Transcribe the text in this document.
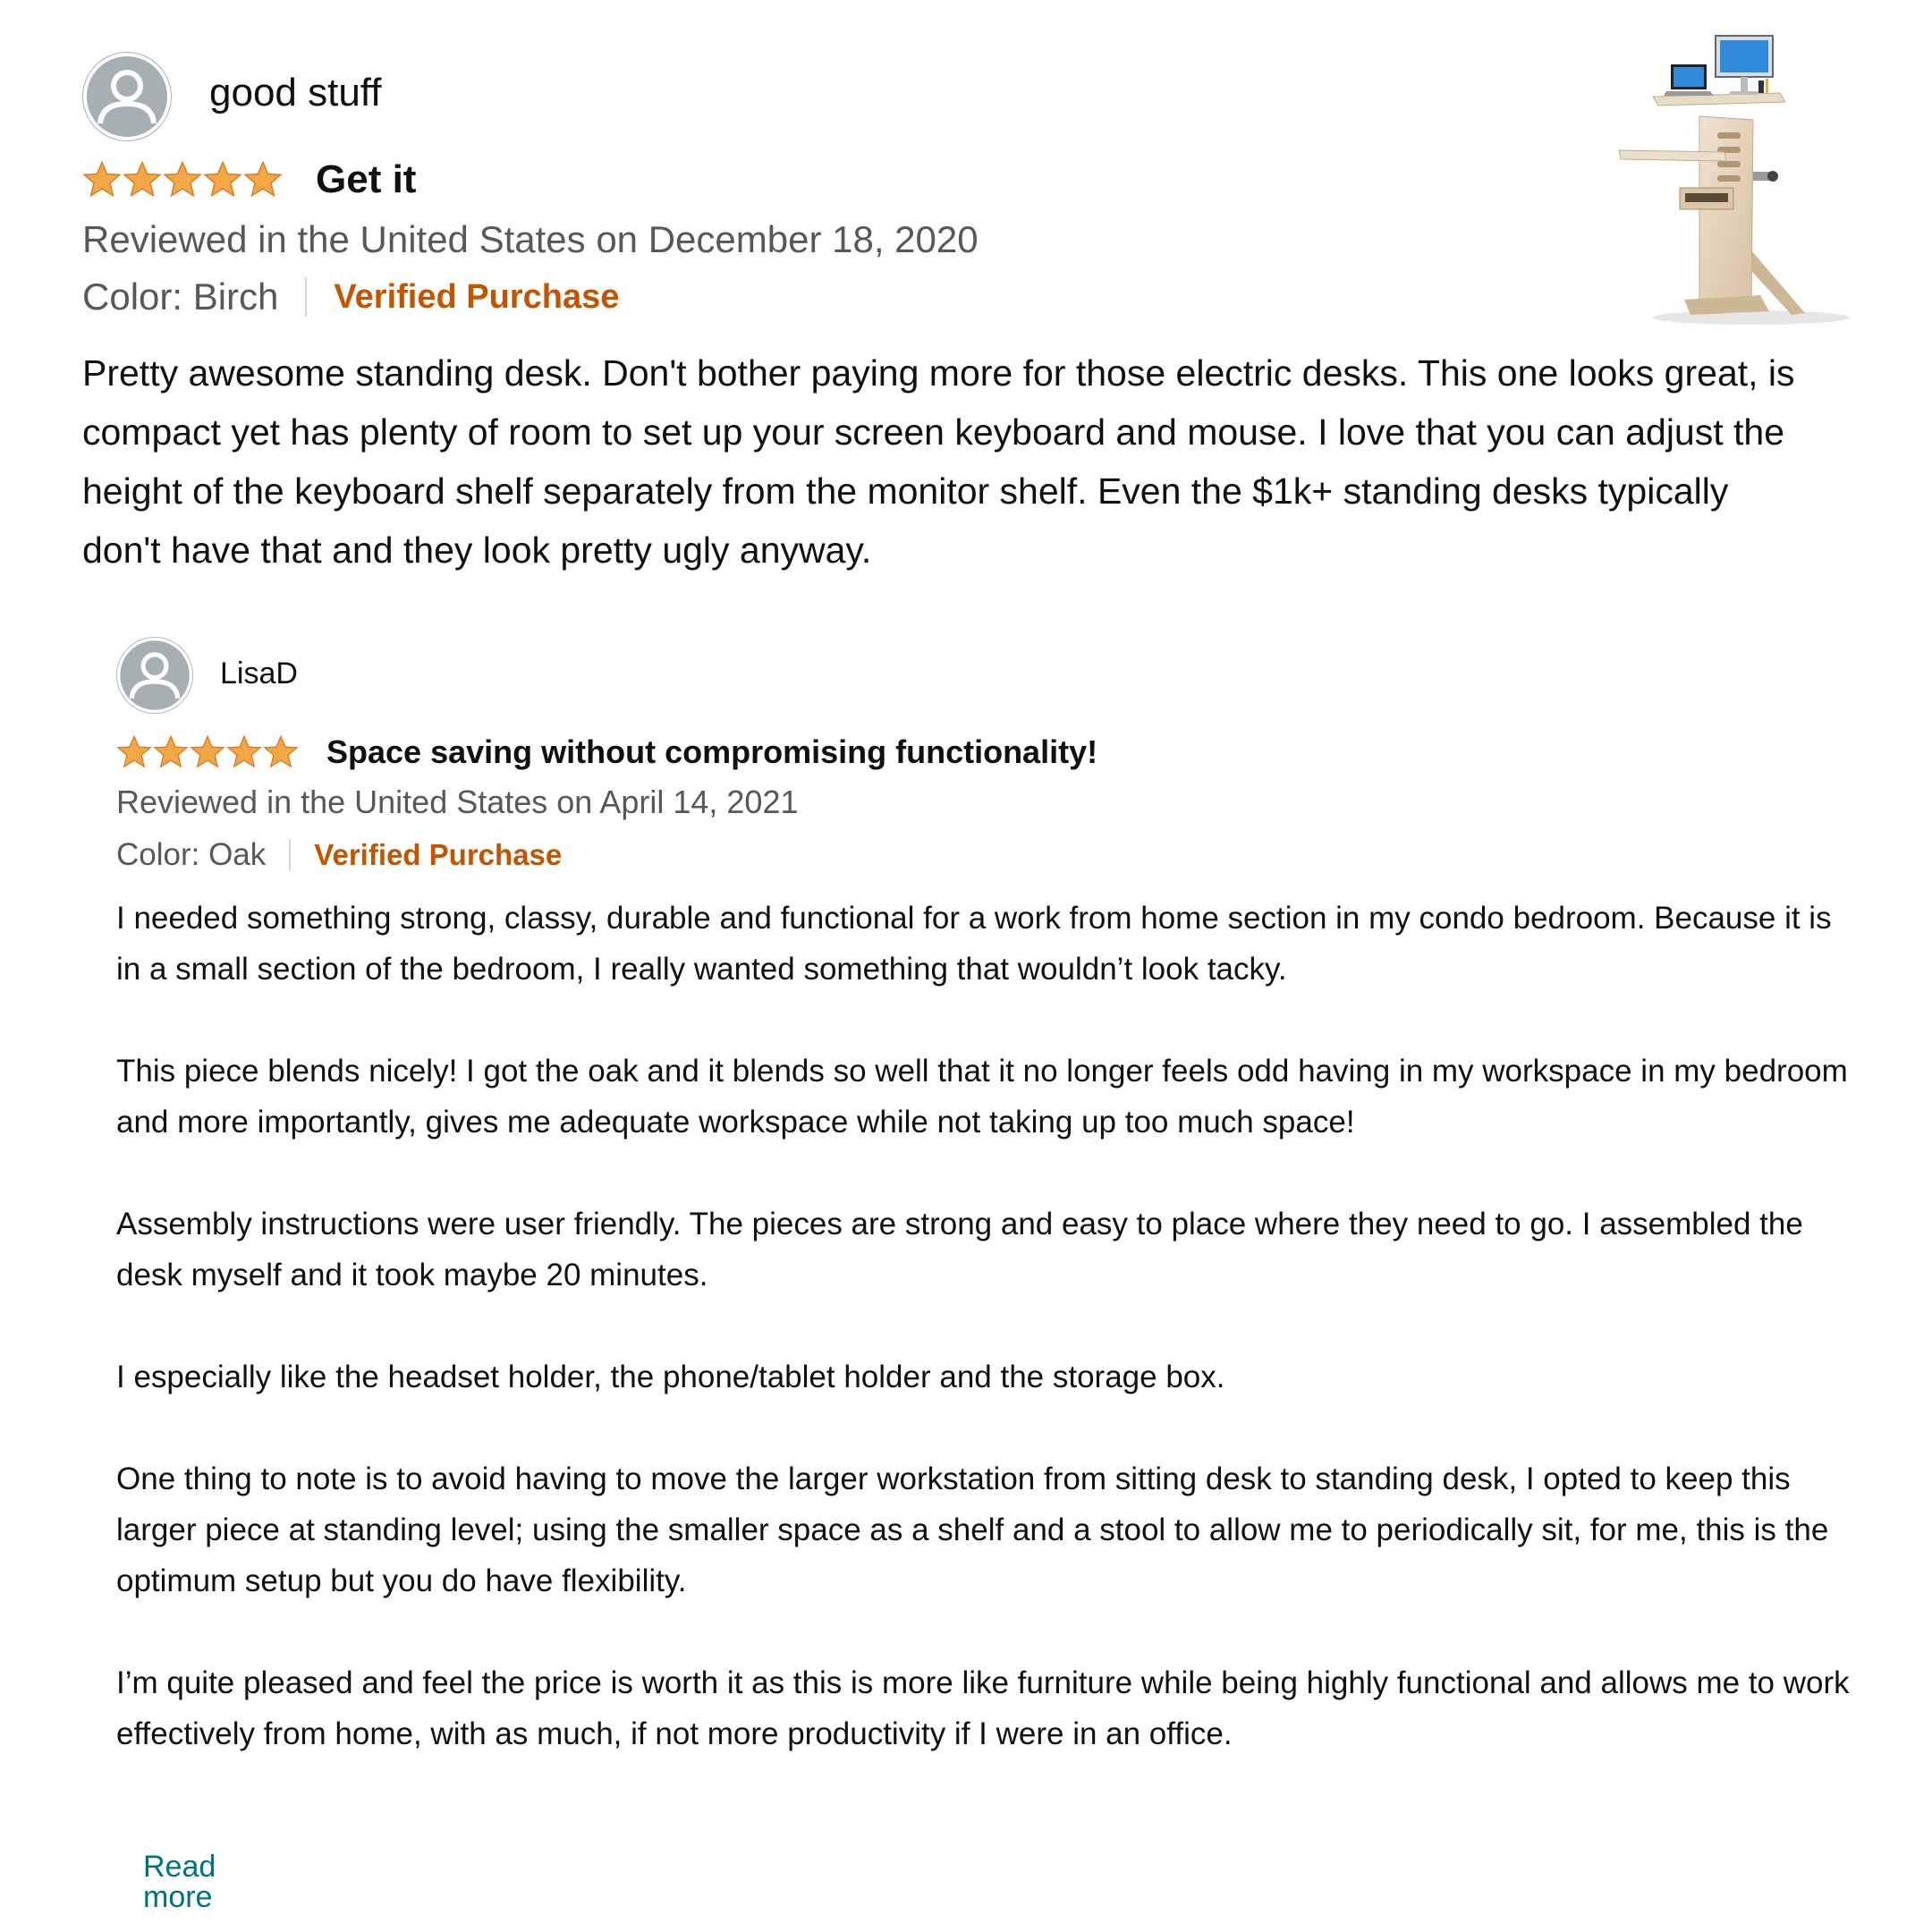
good stuff
Get it
Reviewed in the United States on December 18, 2020
Color: Birch Verified Purchase
Pretty awesome standing desk. Don't bother paying more for those electric desks. This one looks great, is compact yet has plenty of room to set up your screen keyboard and mouse. I love that you can adjust the height of the keyboard shelf separately from the monitor shelf. Even the $1k+ standing desks typically don't have that and they look pretty ugly anyway.
LisaD
Space saving without compromising functionality!
Reviewed in the United States on April 14, 2021
Color: Oak Verified Purchase

I needed something strong, classy, durable and functional for a work from home section in my condo bedroom. Because it is in a small section of the bedroom, I really wanted something that wouldn’t look tacky.

This piece blends nicely! I got the oak and it blends so well that it no longer feels odd having in my workspace in my bedroom and more importantly, gives me adequate workspace while not taking up too much space!

Assembly instructions were user friendly. The pieces are strong and easy to place where they need to go. I assembled the desk myself and it took maybe 20 minutes.

I especially like the headset holder, the phone/tablet holder and the storage box.

One thing to note is to avoid having to move the larger workstation from sitting desk to standing desk, I opted to keep this larger piece at standing level; using the smaller space as a shelf and a stool to allow me to periodically sit, for me, this is the optimum setup but you do have flexibility.

I’m quite pleased and feel the price is worth it as this is more like furniture while being highly functional and allows me to work effectively from home, with as much, if not more productivity if I were in an office.

Read more
